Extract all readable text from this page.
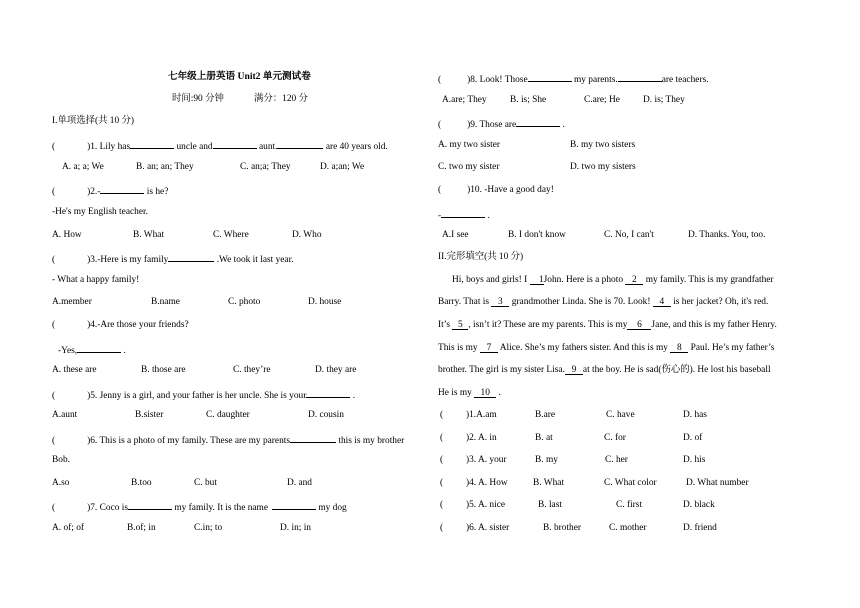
七年级上册英语 Unit2 单元测试卷
时间:90 分钟	满分：120 分
I.单项选择(共 10 分)
(	)1. Lily has	uncle and	aunt.	are 40 years old.
A. a; a; We	B. an; an; They	C. an;a; They	D. a;an; We
(	)2.-	is he?
-He's my English teacher.
A. How	B. What	C. Where	D. Who
(	)3.-Here is my family	.We took it last year.
- What a happy family!
A.member	B.name	C. photo	D. house
(	)4.-Are those your friends?
-Yes,	.
A. these are	B. those are	C. they’re	D. they are
(	)5. Jenny is a girl, and your father is her uncle. She is your	.
A.aunt	B.sister	C. daughter	D. cousin
(	)6. This is a photo of my family. These are my parents	this is my brother
Bob.
A.so	B.too	C. but	D. and
(	)7. Coco is	my family. It is the name	my dog
A. of; of	B.of; in	C.in; to	D. in; in
(	)8. Look! Those	my parents.	are teachers.
A.are; They B. is; She	C.are; He D. is; They
(	)9. Those are	.
A. my two sister	B. my two sisters
C. two my sister	D. two my sisters
(	)10. -Have a good day!
-	.
A.I see	B. I don't know	C. No, I can't	D. Thanks. You, too.
II.完形填空(共 10 分)
Hi, boys and girls! I 1John. Here is a photo 2 my family. This is my grandfather
Barry. That is 3 grandmother Linda. She is 70. Look! 4 is her jacket? Oh, it's red.
It’s 5 , isn’t it? These are my parents. This is my 6 Jane, and this is my father Henry.
This is my 7 Alice. She’s my fathers sister. And this is my 8 Paul. He’s my father’s
brother. The girl is my sister Lisa. 9 at the boy. He is sad(伤心的). He lost his baseball
He is my 10 .
( )1.A.am	B.are	C. have	D. has
( )2. A. in	B. at	C. for	D. of
( )3. A. your	B. my	C. her	D. his
( )4. A. How	B. What	C. What color	D. What number
( )5. A. nice	B. last	C. first	D. black
( )6. A. sister	B. brother	C. mother	D. friend
